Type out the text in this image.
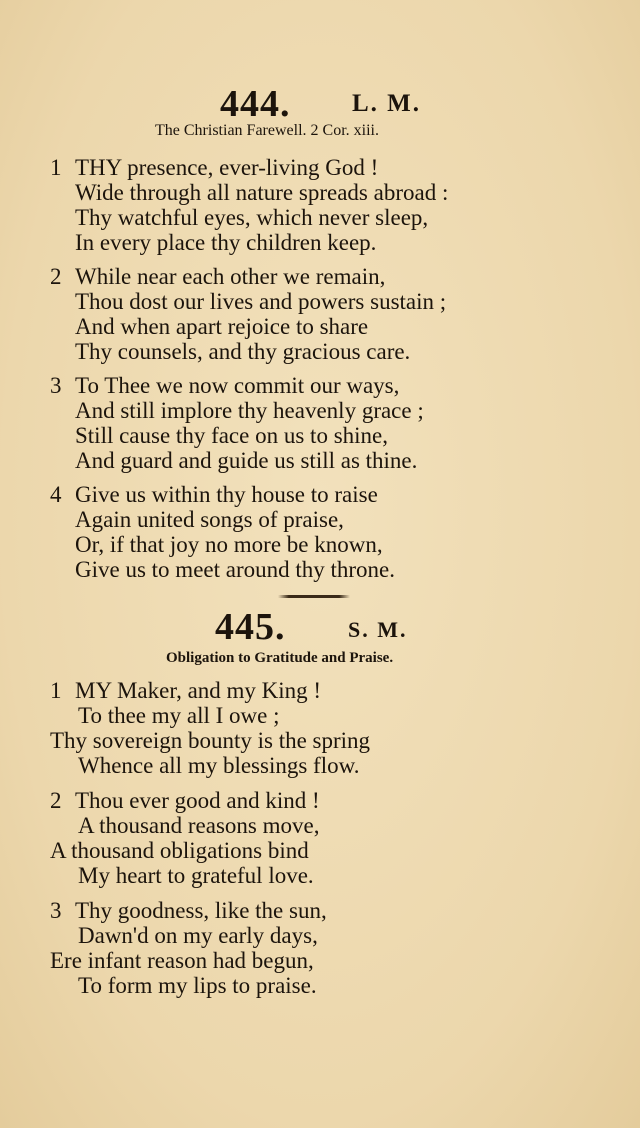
444. L. M.
The Christian Farewell. 2 Cor. xiii.
1 THY presence, ever-living God !
Wide through all nature spreads abroad :
Thy watchful eyes, which never sleep,
In every place thy children keep.
2 While near each other we remain,
Thou dost our lives and powers sustain ;
And when apart rejoice to share
Thy counsels, and thy gracious care.
3 To Thee we now commit our ways,
And still implore thy heavenly grace ;
Still cause thy face on us to shine,
And guard and guide us still as thine.
4 Give us within thy house to raise
Again united songs of praise,
Or, if that joy no more be known,
Give us to meet around thy throne.
445.	S. M.
Obligation to Gratitude and Praise.
1 MY Maker, and my King !
To thee my all I owe ;
Thy sovereign bounty is the spring
Whence all my blessings flow.
2 Thou ever good and kind !
A thousand reasons move,
A thousand obligations bind
My heart to grateful love.
3 Thy goodness, like the sun,
Dawn'd on my early days,
Ere infant reason had begun,
To form my lips to praise.
